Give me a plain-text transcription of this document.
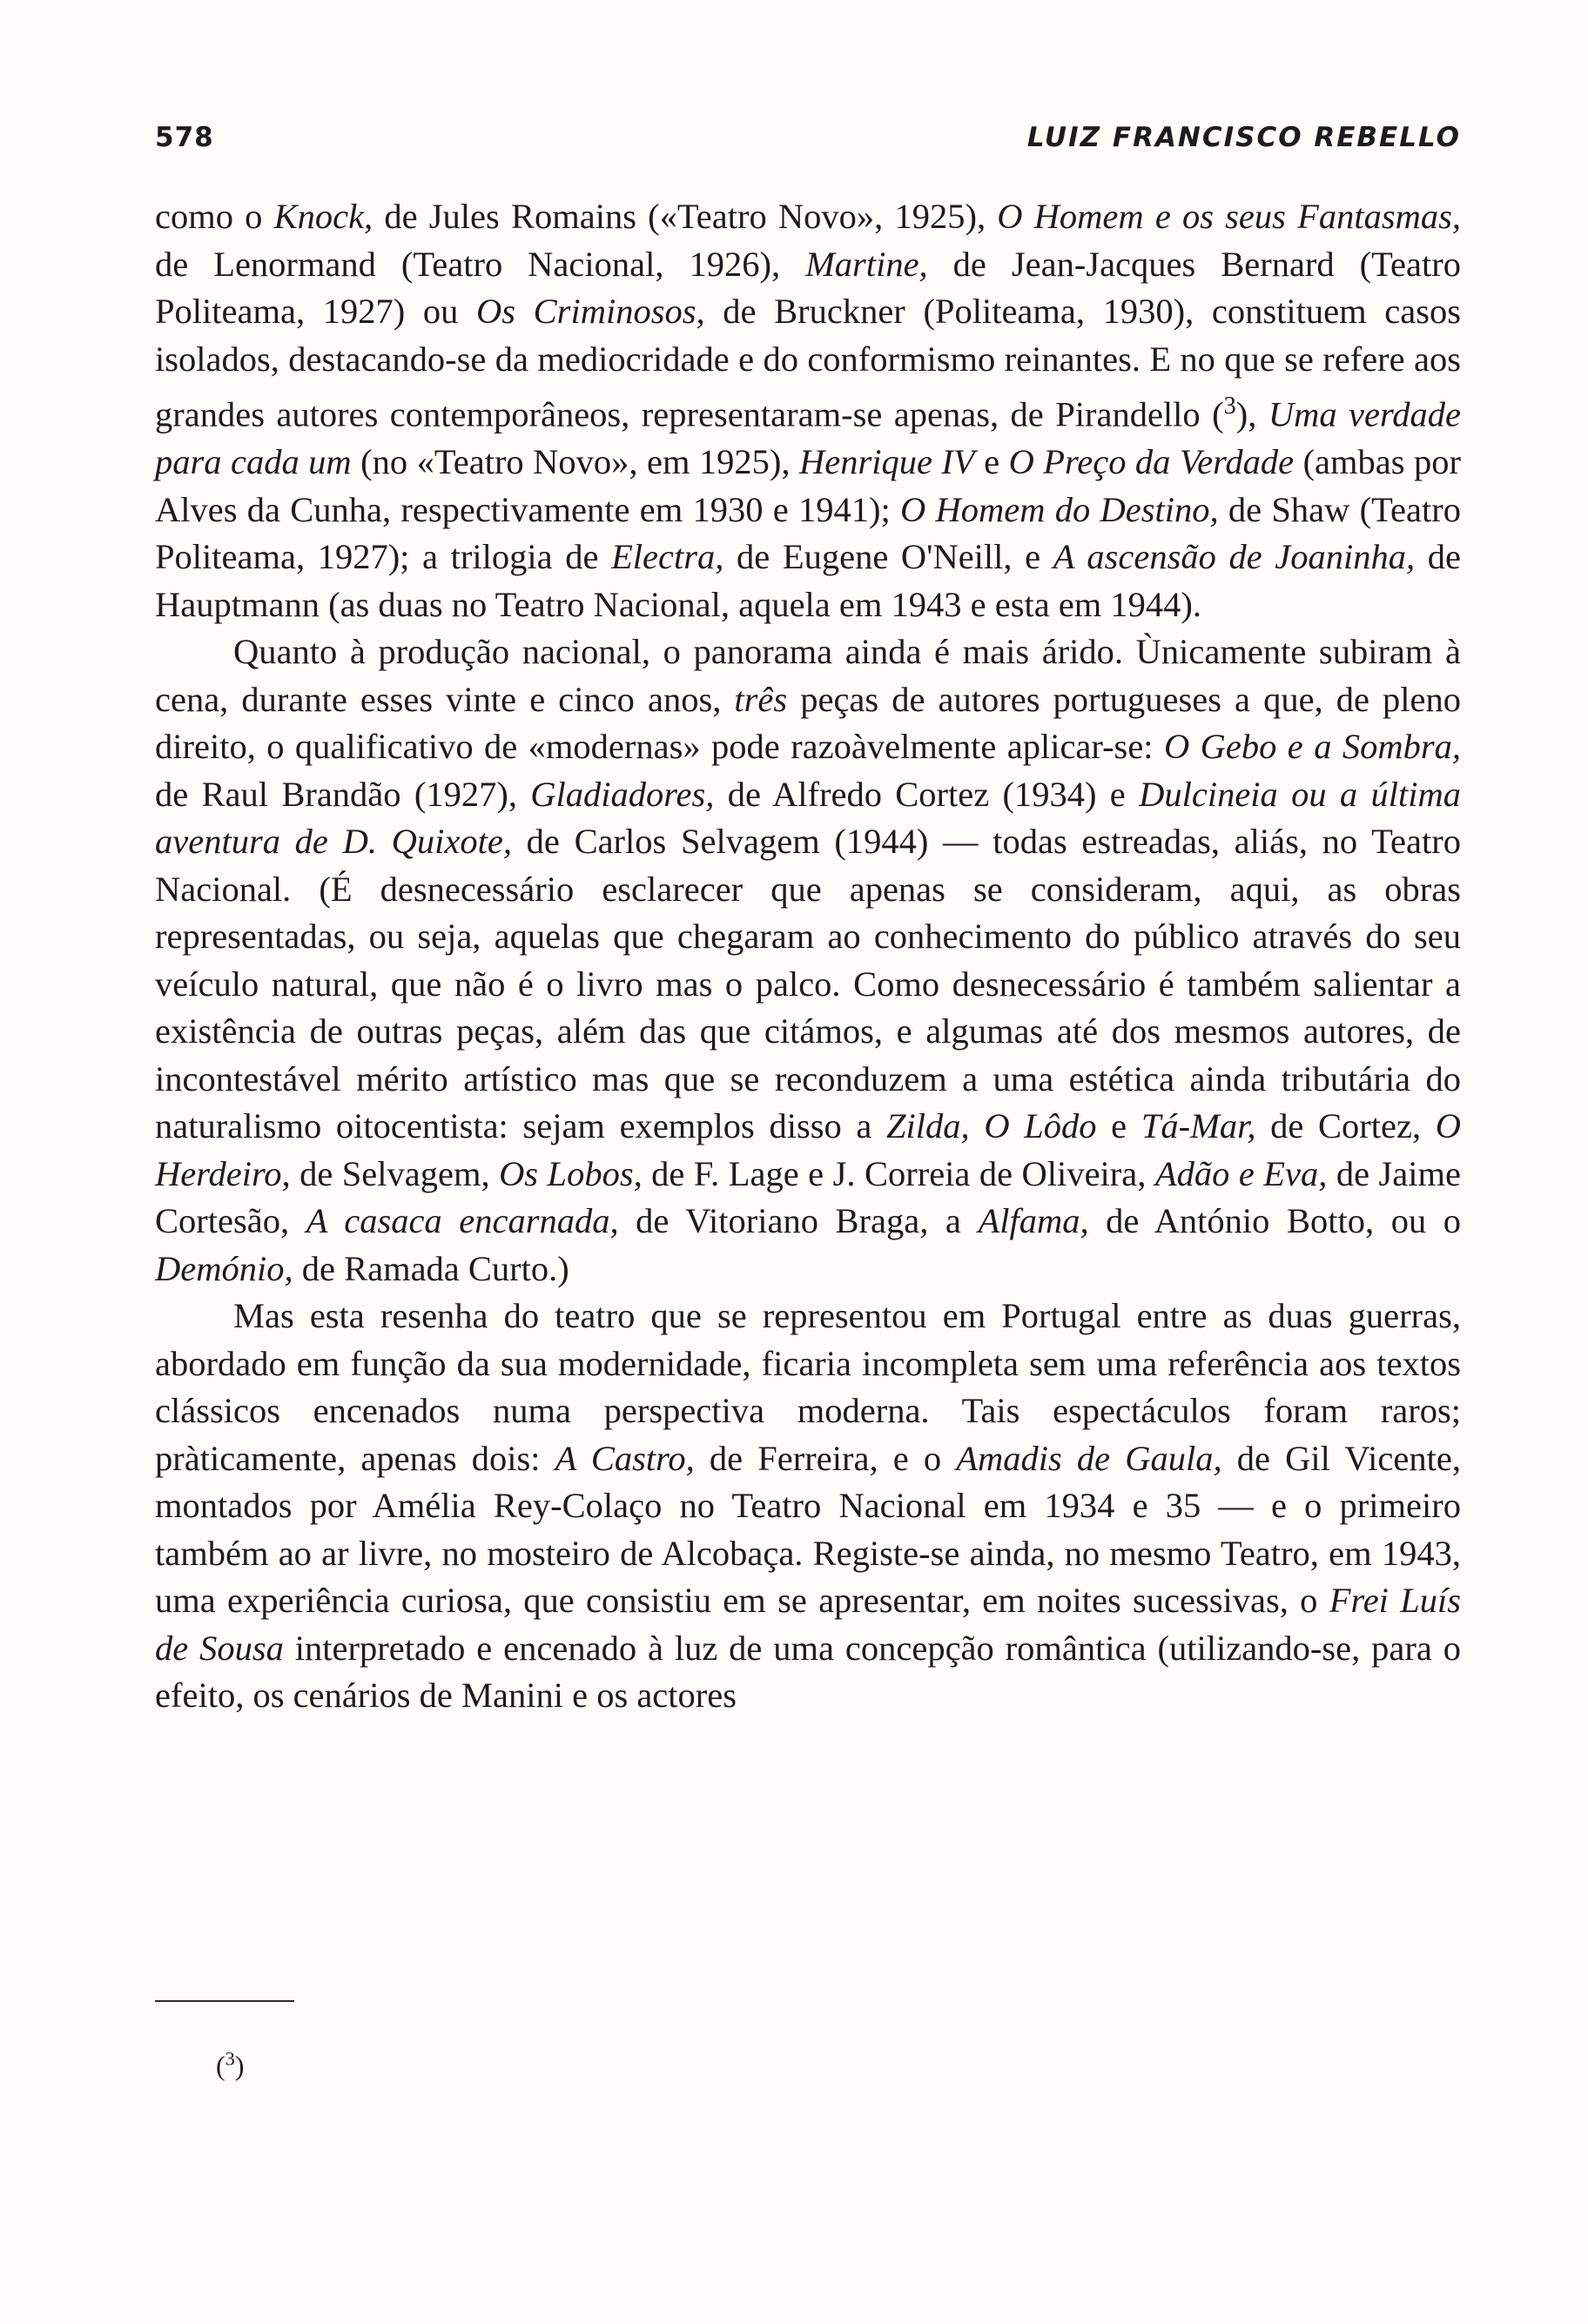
578	LUIZ FRANCISCO REBELLO

como o Knock, de Jules Romains («Teatro Novo», 1925), O Homem e os seus Fantasmas, de Lenormand (Teatro Nacional, 1926), Martine, de Jean-Jacques Bernard (Teatro Politeama, 1927) ou Os Criminosos, de Bruckner (Politeama, 1930), constituem casos isolados, destacando-se da mediocridade e do conformismo reinantes. E no que se refere aos grandes autores contemporâneos, representaram-se apenas, de Pirandello ($^3$), Uma verdade para cada um (no «Teatro Novo», em 1925), Henrique IV e O Preço da Verdade (ambas por Alves da Cunha, respectivamente em 1930 e 1941); O Homem do Destino, de Shaw (Teatro Politeama, 1927); a trilogia de Electra, de Eugene O'Neill, e A ascensão de Joaninha, de Hauptmann (as duas no Teatro Nacional, aquela em 1943 e esta em 1944).

Quanto à produção nacional, o panorama ainda é mais árido. Ùnicamente subiram à cena, durante esses vinte e cinco anos, três peças de autores portugueses a que, de pleno direito, o qualificativo de «modernas» pode razoàvelmente aplicar-se: O Gebo e a Sombra, de Raul Brandão (1927), Gladiadores, de Alfredo Cortez (1934) e Dulcineia ou a última aventura de D. Quixote, de Carlos Selvagem (1944) — todas estreadas, aliás, no Teatro Nacional. (É desnecessário esclarecer que apenas se consideram, aqui, as obras representadas, ou seja, aquelas que chegaram ao conhecimento do público através do seu veículo natural, que não é o livro mas o palco. Como desnecessário é também salientar a existência de outras peças, além das que citámos, e algumas até dos mesmos autores, de incontestável mérito artístico mas que se reconduzem a uma estética ainda tributária do naturalismo oitocentista: sejam exemplos disso a Zilda, O Lôdo e Tá-Mar, de Cortez, O Herdeiro, de Selvagem, Os Lobos, de F. Lage e J. Correia de Oliveira, Adão e Eva, de Jaime Cortesão, A casaca encarnada, de Vitoriano Braga, a Alfama, de António Botto, ou o Demónio, de Ramada Curto.)

Mas esta resenha do teatro que se representou em Portugal entre as duas guerras, abordado em função da sua modernidade, ficaria incompleta sem uma referência aos textos clássicos encenados numa perspectiva moderna. Tais espectáculos foram raros; pràticamente, apenas dois: A Castro, de Ferreira, e o Amadis de Gaula, de Gil Vicente, montados por Amélia Rey-Colaço no Teatro Nacional em 1934 e 35 — e o primeiro também ao ar livre, no mosteiro de Alcobaça. Registe-se ainda, no mesmo Teatro, em 1943, uma experiência curiosa, que consistiu em se apresentar, em noites sucessivas, o Frei Luís de Sousa interpretado e encenado à luz de uma concepção romântica (utilizando-se, para o efeito, os cenários de Manini e os actores

($^3$)
